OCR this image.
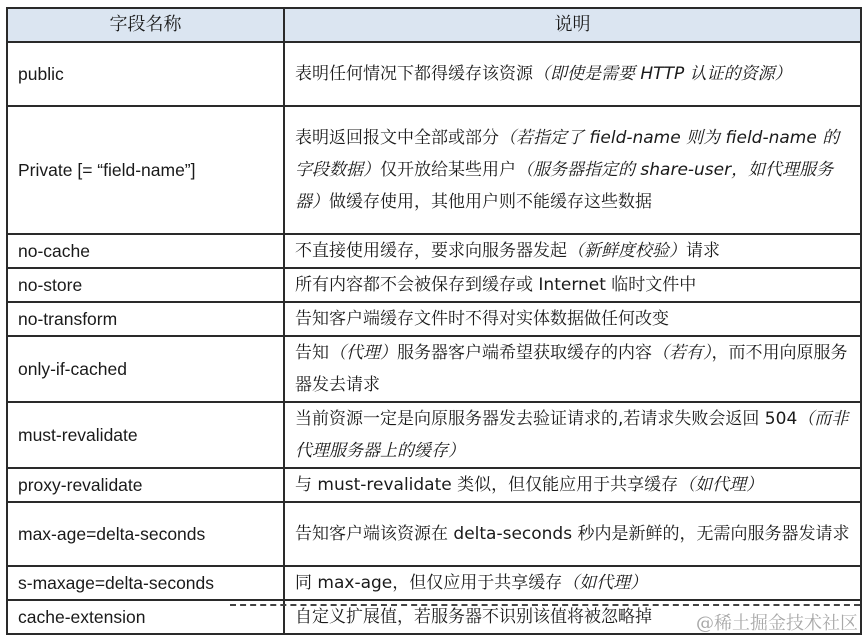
字段名称	说明
public	表明任何情况下都得缓存该资源（即使是需要 HTTP 认证的资源）
Private [= “field-name”]	表明返回报文中全部或部分（若指定了 field-name 则为 field-name 的字段数据）仅开放给某些用户（服务器指定的 share-user，如代理服务器）做缓存使用，其他用户则不能缓存这些数据
no-cache	不直接使用缓存，要求向服务器发起（新鲜度校验）请求
no-store	所有内容都不会被保存到缓存或 Internet 临时文件中
no-transform	告知客户端缓存文件时不得对实体数据做任何改变
only-if-cached	告知（代理）服务器客户端希望获取缓存的内容（若有），而不用向原服务器发去请求
must-revalidate	当前资源一定是向原服务器发去验证请求的,若请求失败会返回 504（而非代理服务器上的缓存）
proxy-revalidate	与 must-revalidate 类似，但仅能应用于共享缓存（如代理）
max-age=delta-seconds	告知客户端该资源在 delta-seconds 秒内是新鲜的，无需向服务器发请求
s-maxage=delta-seconds	同 max-age，但仅应用于共享缓存（如代理）
cache-extension	自定义扩展值，若服务器不识别该值将被忽略掉 @稀土掘金技术社区
